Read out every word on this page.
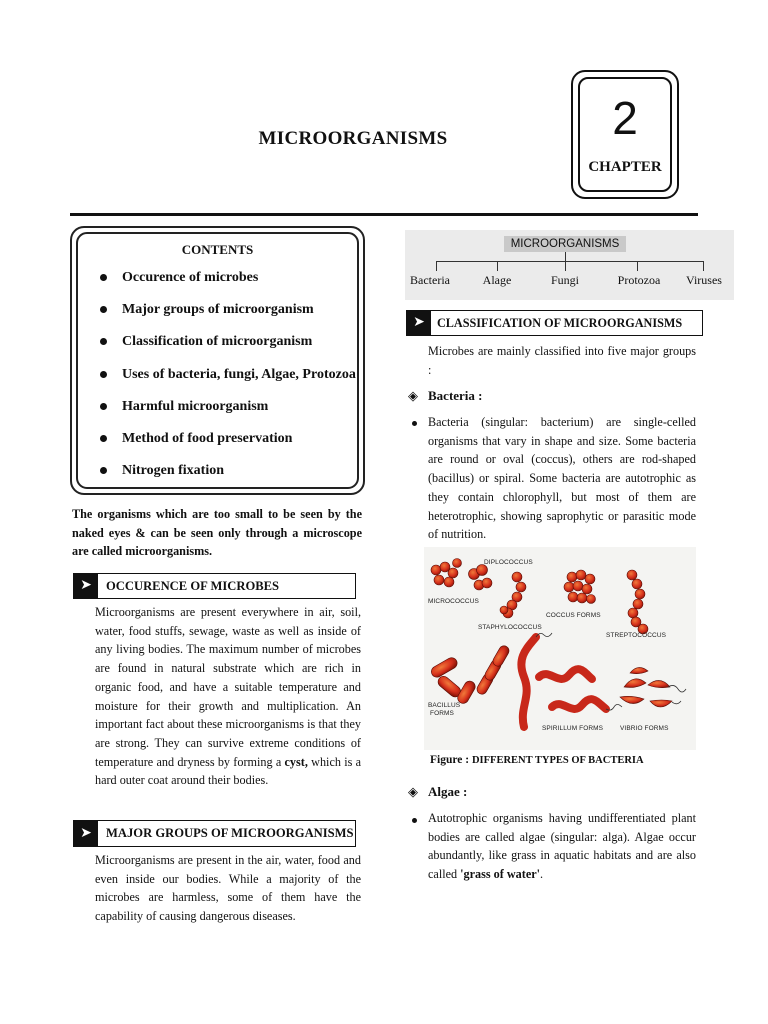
MICROORGANISMS	2
CHAPTER
CONTENTS
Occurence of microbes
Major groups of microorganism
Classification of microorganism
Uses of bacteria, fungi, Algae, Protozoa
Harmful microorganism
Method of food preservation
Nitrogen fixation
The organisms which are too small to be seen by the naked eyes & can be seen only through a microscope are called microorganisms.
➤	OCCURENCE OF MICROBES
Microorganisms are present everywhere in air, soil, water, food stuffs, sewage, waste as well as inside of any living bodies. The maximum number of microbes are found in natural substrate which are rich in organic food, and have a suitable temperature and moisture for their growth and multiplication. An important fact about these microorganisms is that they are strong. They can survive extreme conditions of temperature and dryness by forming a cyst, which is a hard outer coat around their bodies.
➤	MAJOR GROUPS OF MICROORGANISMS
Microorganisms are present in the air, water, food and even inside our bodies. While a majority of the microbes are harmless, some of them have the capability of causing dangerous diseases.
MICROORGANISMS
Bacteria	Alage	Fungi	Protozoa Viruses
➤ CLASSIFICATION OF MICROORGANISMS
Microbes are mainly classified into five major groups :
◈ Bacteria :
Bacteria (singular: bacterium) are single-celled organisms that vary in shape and size. Some bacteria are round or oval (coccus), others are rod-shaped (bacillus) or spiral. Some bacteria are autotrophic as they contain chlorophyll, but most of them are heterotrophic, showing saprophytic or parasitic mode of nutrition.
DIPLOCOCCUS
MICROCOCCUS
COCCUS FORMS
STAPHYLOCOCCUS
STREPTOCOCCUS
BACILLUS
FORMS
SPIRILLUM FORMS	VIBRIO FORMS
Figure : DIFFERENT TYPES OF BACTERIA
◈ Algae :
Autotrophic organisms having undifferentiated plant bodies are called algae (singular: alga). Algae occur abundantly, like grass in aquatic habitats and are also called 'grass of water'.
